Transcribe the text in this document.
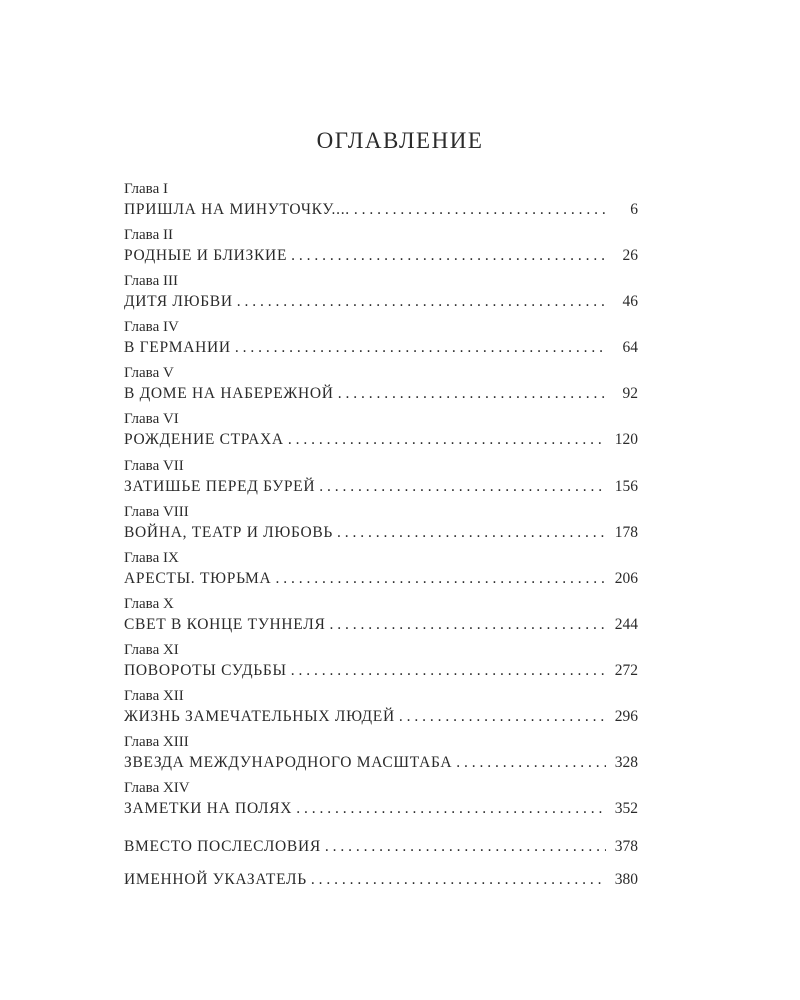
ОГЛАВЛЕНИЕ
Глава I
ПРИШЛА НА МИНУТОЧКУ.... . . .	6
Глава II
РОДНЫЕ И БЛИЗКИЕ . . .	26
Глава III
ДИТЯ ЛЮБВИ . . .	46
Глава IV
В ГЕРМАНИИ . . .	64
Глава V
В ДОМЕ НА НАБЕРЕЖНОЙ . . .	92
Глава VI
РОЖДЕНИЕ СТРАХА . . .	120
Глава VII
ЗАТИШЬЕ ПЕРЕД БУРЕЙ . . .	156
Глава VIII
ВОЙНА, ТЕАТР И ЛЮБОВЬ . . .	178
Глава IX
АРЕСТЫ. ТЮРЬМА . . .	206
Глава X
СВЕТ В КОНЦЕ ТУННЕЛЯ . . .	244
Глава XI
ПОВОРОТЫ СУДЬБЫ . . .	272
Глава XII
ЖИЗНЬ ЗАМЕЧАТЕЛЬНЫХ ЛЮДЕЙ . . .	296
Глава XIII
ЗВЕЗДА МЕЖДУНАРОДНОГО МАСШТАБА . . .	328
Глава XIV
ЗАМЕТКИ НА ПОЛЯХ . . .	352
ВМЕСТО ПОСЛЕСЛОВИЯ . . .	378
ИМЕННОЙ УКАЗАТЕЛЬ . . .	380
